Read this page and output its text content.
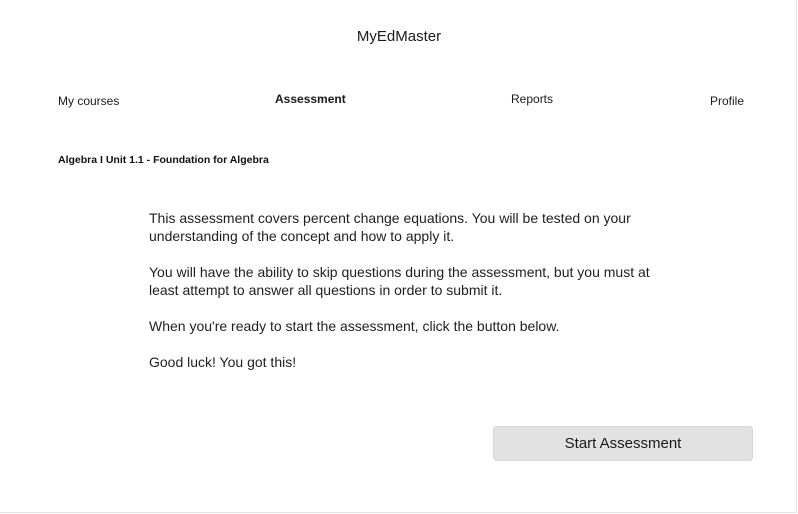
MyEdMaster
My courses	Assessment	Reports	Profile
Algebra I Unit 1.1 - Foundation for Algebra

This assessment covers percent change equations. You will be tested on your understanding of the concept and how to apply it.

You will have the ability to skip questions during the assessment, but you must at least attempt to answer all questions in order to submit it.

When you're ready to start the assessment, click the button below.

Good luck! You got this!

Start Assessment
